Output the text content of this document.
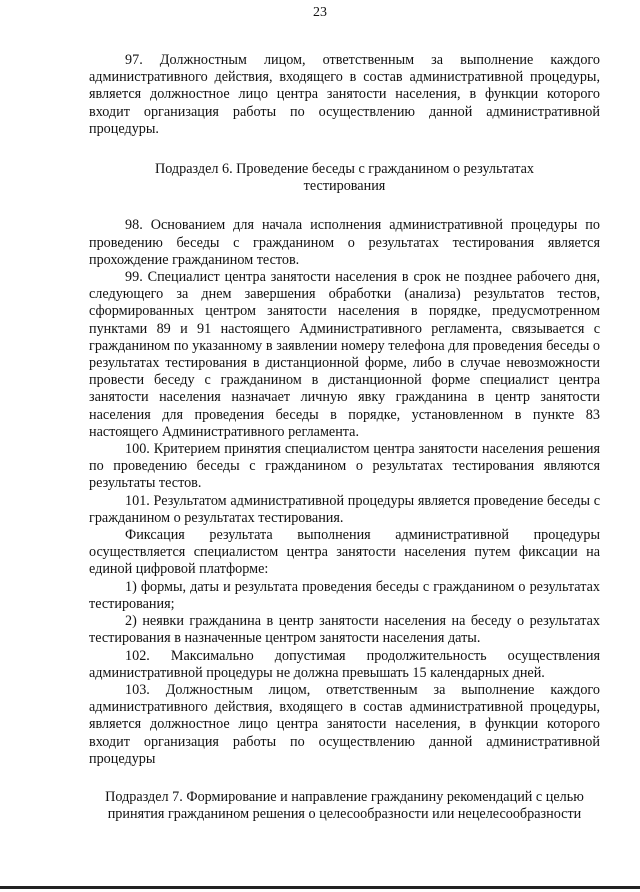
23

97. Должностным лицом, ответственным за выполнение каждого административного действия, входящего в состав административной процедуры, является должностное лицо центра занятости населения, в функции которого входит организация работы по осуществлению данной административной процедуры.

Подраздел 6. Проведение беседы с гражданином о результатах тестирования

98. Основанием для начала исполнения административной процедуры по проведению беседы с гражданином о результатах тестирования является прохождение гражданином тестов.

99. Специалист центра занятости населения в срок не позднее рабочего дня, следующего за днем завершения обработки (анализа) результатов тестов, сформированных центром занятости населения в порядке, предусмотренном пунктами 89 и 91 настоящего Административного регламента, связывается с гражданином по указанному в заявлении номеру телефона для проведения беседы о результатах тестирования в дистанционной форме, либо в случае невозможности провести беседу с гражданином в дистанционной форме специалист центра занятости населения назначает личную явку гражданина в центр занятости населения для проведения беседы в порядке, установленном в пункте 83 настоящего Административного регламента.

100. Критерием принятия специалистом центра занятости населения решения по проведению беседы с гражданином о результатах тестирования являются результаты тестов.

101. Результатом административной процедуры является проведение беседы с гражданином о результатах тестирования.

Фиксация результата выполнения административной процедуры осуществляется специалистом центра занятости населения путем фиксации на единой цифровой платформе:

1) формы, даты и результата проведения беседы с гражданином о результатах тестирования;

2) неявки гражданина в центр занятости населения на беседу о результатах тестирования в назначенные центром занятости населения даты.

102. Максимально допустимая продолжительность осуществления административной процедуры не должна превышать 15 календарных дней.

103. Должностным лицом, ответственным за выполнение каждого административного действия, входящего в состав административной процедуры, является должностное лицо центра занятости населения, в функции которого входит организация работы по осуществлению данной административной процедуры

Подраздел 7. Формирование и направление гражданину рекомендаций с целью принятия гражданином решения о целесообразности или нецелесообразности
